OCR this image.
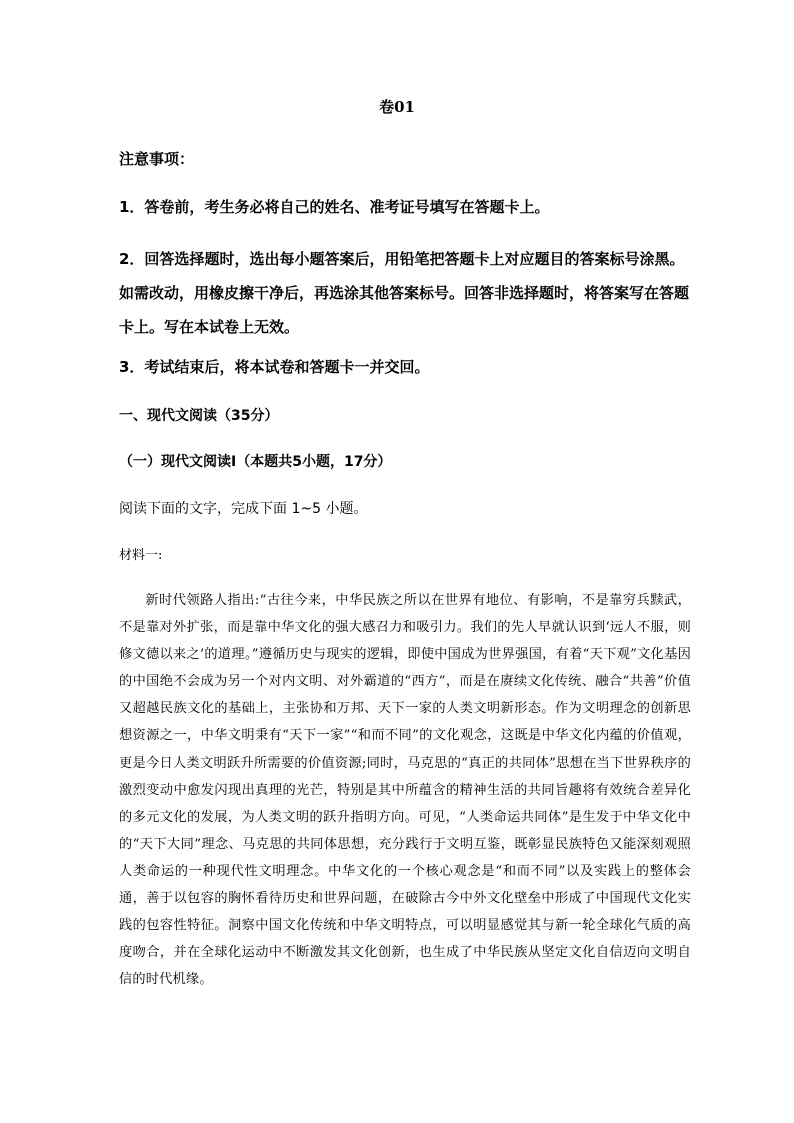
卷01
注意事项：
1．答卷前，考生务必将自己的姓名、准考证号填写在答题卡上。
2．回答选择题时，选出每小题答案后，用铅笔把答题卡上对应题目的答案标号涂黑。如需改动，用橡皮擦干净后，再选涂其他答案标号。回答非选择题时，将答案写在答题卡上。写在本试卷上无效。
3．考试结束后，将本试卷和答题卡一并交回。
一、现代文阅读（35分）
（一）现代文阅读Ⅰ（本题共5小题，17分）
阅读下面的文字，完成下面 1~5 小题。
材料一:
新时代领路人指出:“古往今来，中华民族之所以在世界有地位、有影响，不是靠穷兵黩武，不是靠对外扩张，而是靠中华文化的强大感召力和吸引力。我们的先人早就认识到‘远人不服，则修文德以来之’的道理。”遵循历史与现实的逻辑，即使中国成为世界强国，有着“天下观”文化基因的中国绝不会成为另一个对内文明、对外霸道的“西方”，而是在赓续文化传统、融合“共善”价值又超越民族文化的基础上，主张协和万邦、天下一家的人类文明新形态。作为文明理念的创新思想资源之一，中华文明秉有“天下一家”“和而不同”的文化观念，这既是中华文化内蕴的价值观，更是今日人类文明跃升所需要的价值资源;同时，马克思的“真正的共同体”思想在当下世界秩序的激烈变动中愈发闪现出真理的光芒，特别是其中所蕴含的精神生活的共同旨趣将有效统合差异化的多元文化的发展，为人类文明的跃升指明方向。可见，“人类命运共同体”是生发于中华文化中的“天下大同”理念、马克思的共同体思想，充分践行于文明互鉴，既彰显民族特色又能深刻观照人类命运的一种现代性文明理念。中华文化的一个核心观念是“和而不同”以及实践上的整体会通，善于以包容的胸怀看待历史和世界问题，在破除古今中外文化壁垒中形成了中国现代文化实践的包容性特征。洞察中国文化传统和中华文明特点，可以明显感觉其与新一轮全球化气质的高度吻合，并在全球化运动中不断激发其文化创新，也生成了中华民族从坚定文化自信迈向文明自信的时代机缘。
